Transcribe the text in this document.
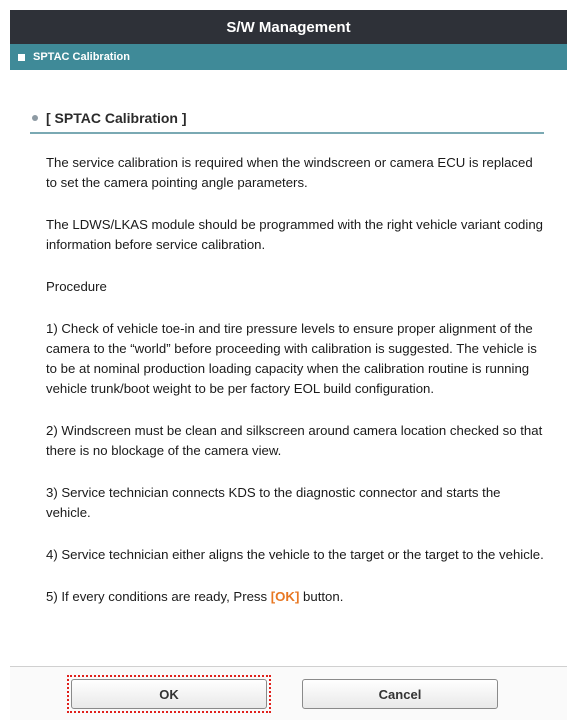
S/W Management
SPTAC Calibration
[ SPTAC Calibration ]

The service calibration is required when the windscreen or camera ECU is replaced to set the camera pointing angle parameters.

The LDWS/LKAS module should be programmed with the right vehicle variant coding information before service calibration.

Procedure

1) Check of vehicle toe-in and tire pressure levels to ensure proper alignment of the camera to the “world” before proceeding with calibration is suggested. The vehicle is to be at nominal production loading capacity when the calibration routine is running vehicle trunk/boot weight to be per factory EOL build configuration.

2) Windscreen must be clean and silkscreen around camera location checked so that there is no blockage of the camera view.

3) Service technician connects KDS to the diagnostic connector and starts the vehicle.

4) Service technician either aligns the vehicle to the target or the target to the vehicle.

5) If every conditions are ready, Press [OK] button.

OK	Cancel
